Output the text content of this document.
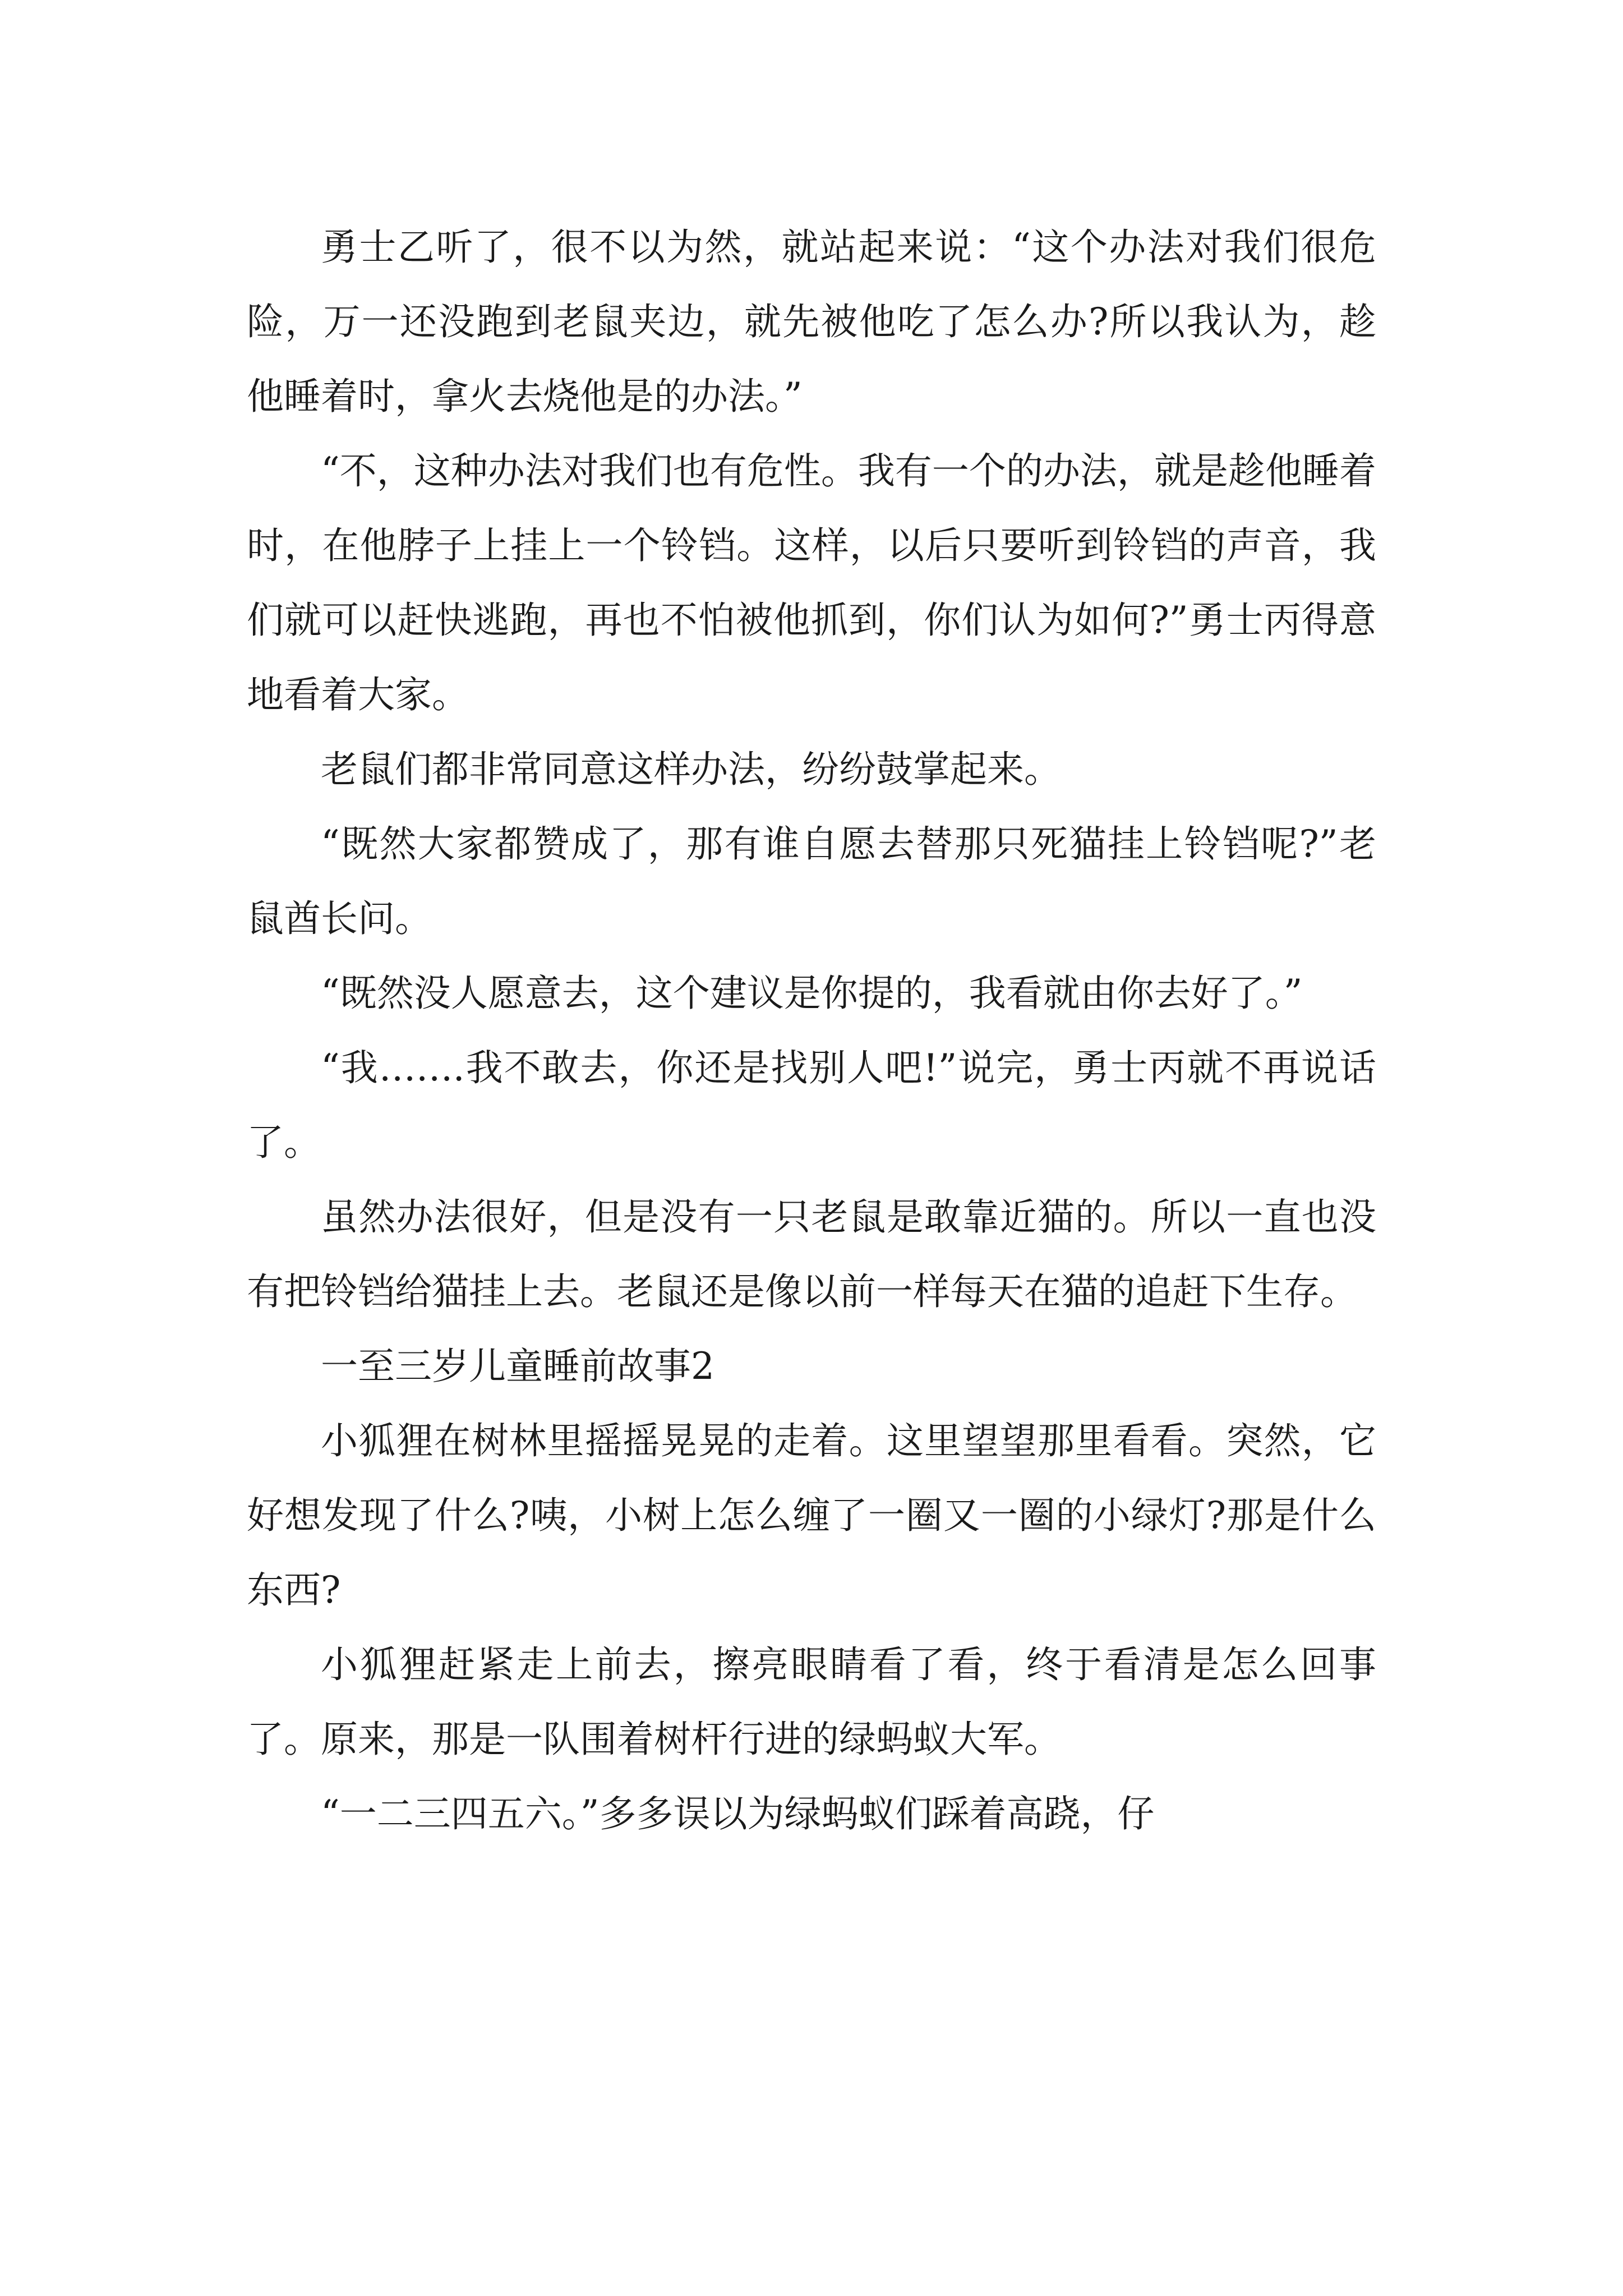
勇士乙听了，很不以为然，就站起来说：“这个办法对我们很危险，万一还没跑到老鼠夹边，就先被他吃了怎么办?所以我认为，趁他睡着时，拿火去烧他是的办法。”

“不，这种办法对我们也有危性。我有一个的办法，就是趁他睡着时，在他脖子上挂上一个铃铛。这样，以后只要听到铃铛的声音，我们就可以赶快逃跑，再也不怕被他抓到，你们认为如何?”勇士丙得意地看着大家。

老鼠们都非常同意这样办法，纷纷鼓掌起来。

“既然大家都赞成了，那有谁自愿去替那只死猫挂上铃铛呢?”老鼠酋长问。

“既然没人愿意去，这个建议是你提的，我看就由你去好了。”

“我…….我不敢去，你还是找别人吧!”说完，勇士丙就不再说话了。

虽然办法很好，但是没有一只老鼠是敢靠近猫的。所以一直也没有把铃铛给猫挂上去。老鼠还是像以前一样每天在猫的追赶下生存。

一至三岁儿童睡前故事2

小狐狸在树林里摇摇晃晃的走着。这里望望那里看看。突然，它好想发现了什么?咦，小树上怎么缠了一圈又一圈的小绿灯?那是什么东西?

小狐狸赶紧走上前去，擦亮眼睛看了看，终于看清是怎么回事了。原来，那是一队围着树杆行进的绿蚂蚁大军。

“一二三四五六。”多多误以为绿蚂蚁们踩着高跷，仔
